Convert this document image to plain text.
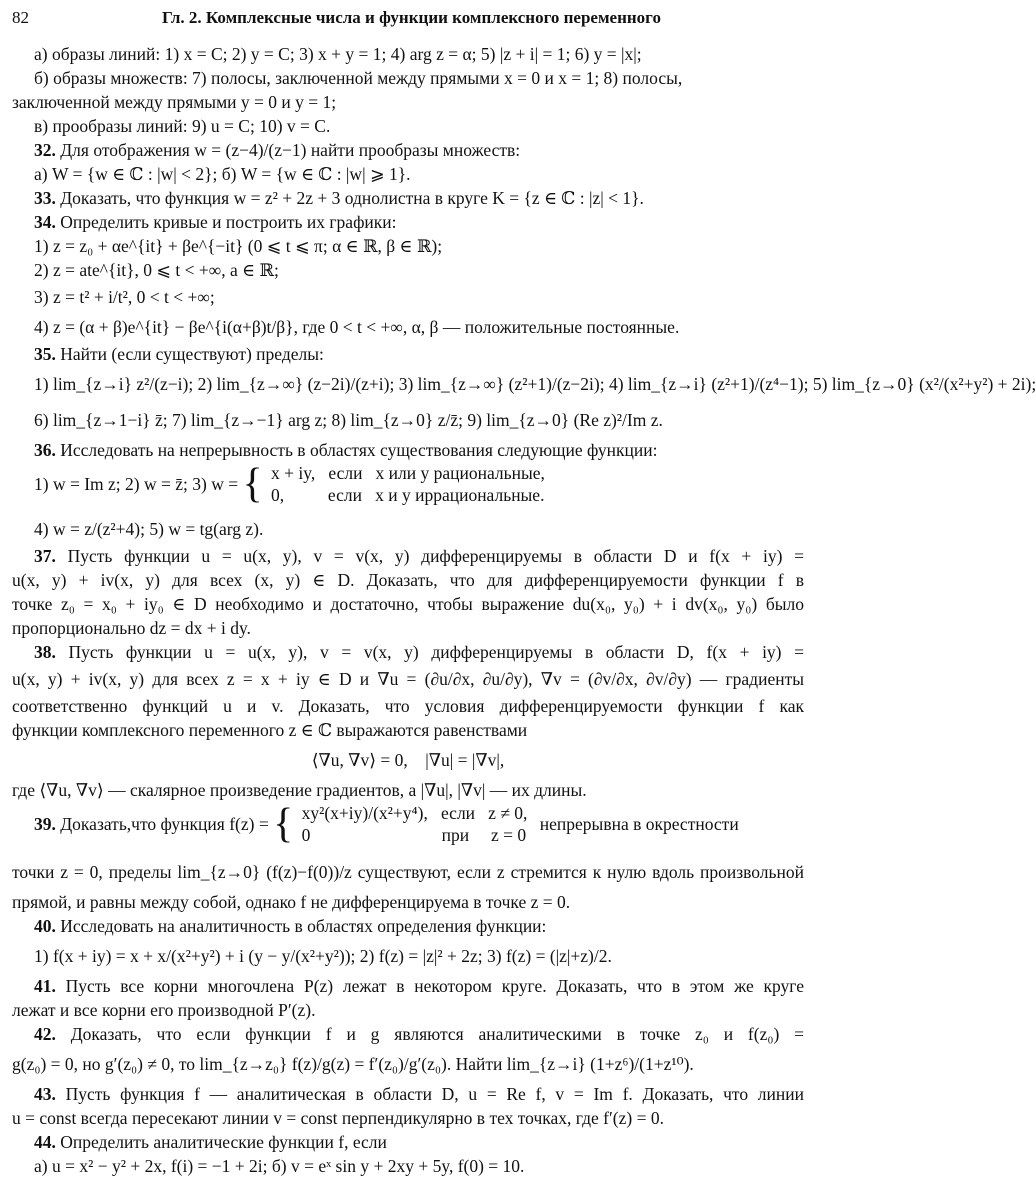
82	Гл. 2. Комплексные числа и функции комплексного переменного
а) образы линий: 1) x = C; 2) y = C; 3) x + y = 1; 4) arg z = α; 5) |z + i| = 1; 6) y = |x|;
б) образы множеств: 7) полосы, заключенной между прямыми x = 0 и x = 1; 8) полосы,
заключенной между прямыми y = 0 и y = 1;
в) прообразы линий: 9) u = C; 10) v = C.
32. Для отображения w = (z−4)/(z−1) найти прообразы множеств:
а) W = {w ∈ ℂ : |w| < 2}; б) W = {w ∈ ℂ : |w| ⩾ 1}.
33. Доказать, что функция w = z² + 2z + 3 однолистна в круге K = {z ∈ ℂ : |z| < 1}.
34. Определить кривые и построить их графики:
1) z = z₀ + αe^{it} + βe^{−it} (0 ⩽ t ⩽ π; α ∈ ℝ, β ∈ ℝ);
2) z = ate^{it}, 0 ⩽ t < +∞, a ∈ ℝ;
3) z = t² + i/t², 0 < t < +∞;
4) z = (α + β)e^{it} − βe^{i(α+β)t/β}, где 0 < t < +∞, α, β — положительные постоянные.
35. Найти (если существуют) пределы:
1) lim_{z→i} z²/(z−i); 2) lim_{z→∞} (z−2i)/(z+i); 3) lim_{z→∞} (z²+1)/(z−2i); 4) lim_{z→i} (z²+1)/(z⁴−1); 5) lim_{z→0} (x²/(x²+y²) + 2i);
6) lim_{z→1−i} z̄; 7) lim_{z→−1} arg z; 8) lim_{z→0} z/z̄; 9) lim_{z→0} (Re z)²/Im z.
36. Исследовать на непрерывность в областях существования следующие функции:
1) w = Im z; 2) w = z̄; 3) w = { x + iy,   если   x или y рациональные,
0,          если   x и y иррациональные.
4) w = z/(z²+4); 5) w = tg(arg z).
37. Пусть функции u = u(x, y), v = v(x, y) дифференцируемы в области D и f(x + iy) =
u(x, y) + iv(x, y) для всех (x, y) ∈ D. Доказать, что для дифференцируемости функции f в
точке z₀ = x₀ + iy₀ ∈ D необходимо и достаточно, чтобы выражение du(x₀, y₀) + i dv(x₀, y₀) было
пропорционально dz = dx + i dy.
38. Пусть функции u = u(x, y), v = v(x, y) дифференцируемы в области D, f(x + iy) =
u(x, y) + iv(x, y) для всех z = x + iy ∈ D и ∇u = (∂u/∂x, ∂u/∂y), ∇v = (∂v/∂x, ∂v/∂y) — градиенты
соответственно функций u и v. Доказать, что условия дифференцируемости функции f как
функции комплексного переменного z ∈ ℂ выражаются равенствами
⟨∇u, ∇v⟩ = 0,    |∇u| = |∇v|,
где ⟨∇u, ∇v⟩ — скалярное произведение градиентов, а |∇u|, |∇v| — их длины.
39. Доказать,что функция f(z) = { xy²(x+iy)/(x²+y⁴),   если   z ≠ 0,
0                              при     z = 0
непрерывна в окрестности
точки z = 0, пределы lim_{z→0} (f(z)−f(0))/z существуют, если z стремится к нулю вдоль произвольной
прямой, и равны между собой, однако f не дифференцируема в точке z = 0.
40. Исследовать на аналитичность в областях определения функции:
1) f(x + iy) = x + x/(x²+y²) + i (y − y/(x²+y²)); 2) f(z) = |z|² + 2z; 3) f(z) = (|z|+z)/2.
41. Пусть все корни многочлена P(z) лежат в некотором круге. Доказать, что в этом же круге
лежат и все корни его производной P′(z).
42. Доказать, что если функции f и g являются аналитическими в точке z₀ и f(z₀) =
g(z₀) = 0, но g′(z₀) ≠ 0, то lim_{z→z₀} f(z)/g(z) = f′(z₀)/g′(z₀). Найти lim_{z→i} (1+z⁶)/(1+z¹⁰).
43. Пусть функция f — аналитическая в области D, u = Re f, v = Im f. Доказать, что линии
u = const всегда пересекают линии v = const перпендикулярно в тех точках, где f′(z) = 0.
44. Определить аналитические функции f, если
а) u = x² − y² + 2x, f(i) = −1 + 2i; б) v = eˣ sin y + 2xy + 5y, f(0) = 10.
